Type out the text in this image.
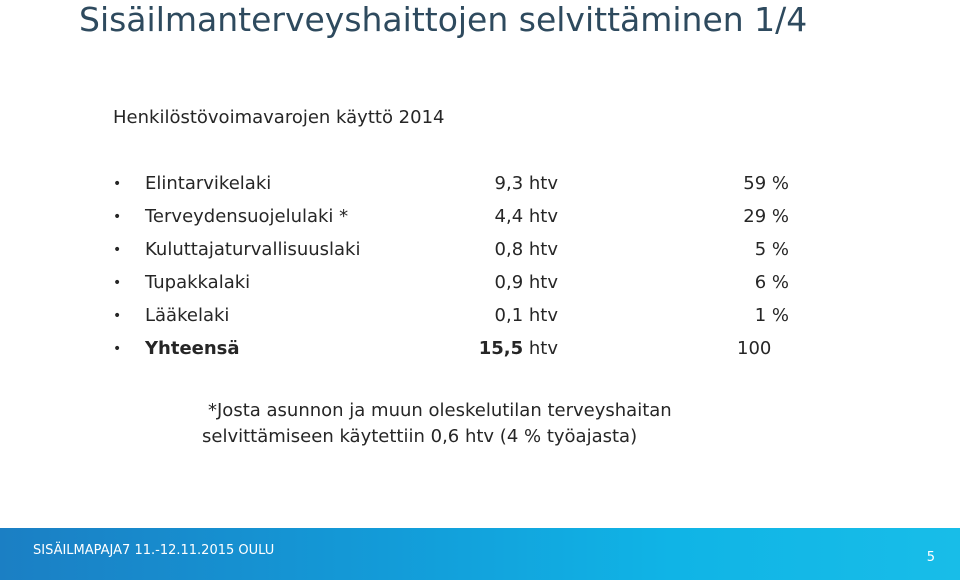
Sisäilmanterveyshaittojen selvittäminen 1/4
Henkilöstövoimavarojen käyttö 2014
• Elintarvikelaki	9,3 htv	59 %
• Terveydensuojelulaki *	4,4 htv	29 %
• Kuluttajaturvallisuuslaki	0,8 htv	5 %
• Tupakkalaki	0,9 htv	6 %
• Lääkelaki	0,1 htv	1 %
• Yhteensä	15,5 htv	100
*Josta asunnon ja muun oleskelutilan terveyshaitan
selvittämiseen käytettiin 0,6 htv (4 % työajasta)
SISÄILMAPAJA7 11.-12.11.2015 OULU	5
